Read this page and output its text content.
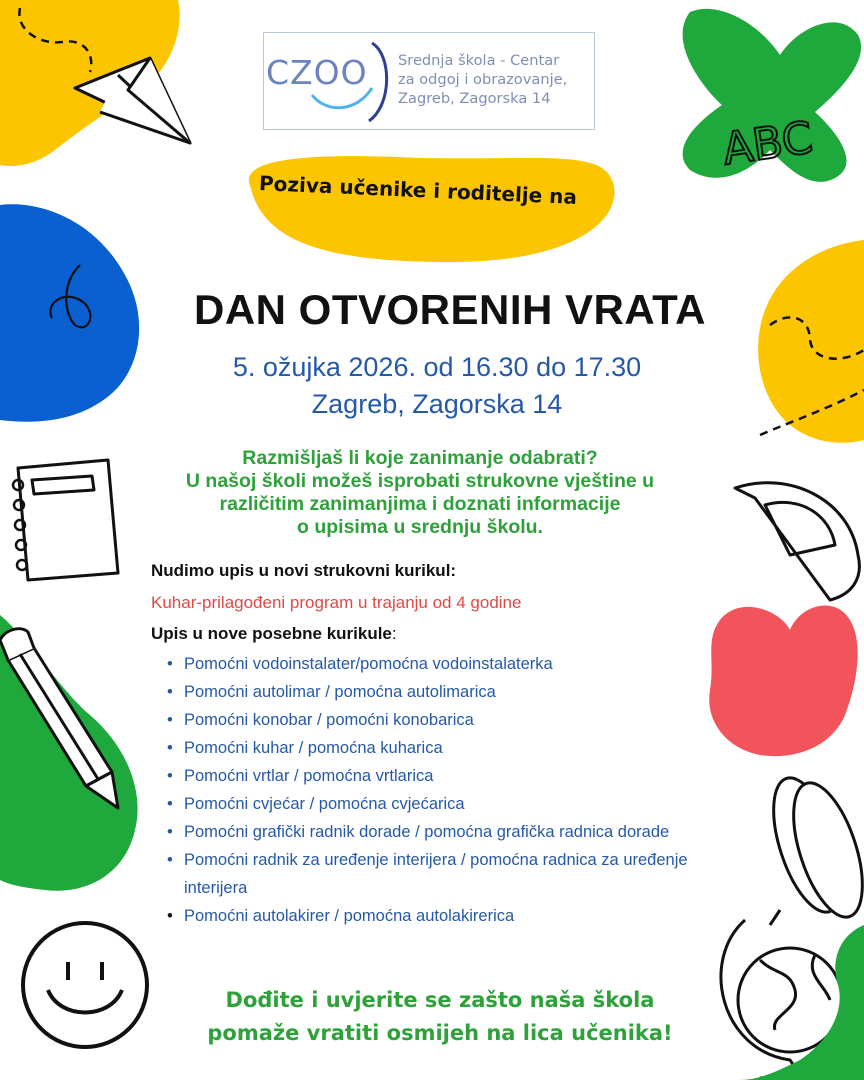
ABC
CZOO Srednja škola - Centar
za odgoj i obrazovanje,
Zagreb, Zagorska 14
Poziva učenike i roditelje na
DAN OTVORENIH VRATA
5. ožujka 2026. od 16.30 do 17.30
Zagreb, Zagorska 14
Razmišljaš li koje zanimanje odabrati?
U našoj školi možeš isprobati strukovne vještine u
različitim zanimanjima i doznati informacije
o upisima u srednju školu.
Nudimo upis u novi strukovni kurikul:
Kuhar-prilagođeni program u trajanju od 4 godine
Upis u nove posebne kurikule:
• Pomoćni vodoinstalater/pomoćna vodoinstalaterka
• Pomoćni autolimar / pomoćna autolimarica
• Pomoćni konobar / pomoćni konobarica
• Pomoćni kuhar / pomoćna kuharica
• Pomoćni vrtlar / pomoćna vrtlarica
• Pomoćni cvjećar / pomoćna cvjećarica
• Pomoćni grafički radnik dorade / pomoćna grafička radnica dorade
• Pomoćni radnik za uređenje interijera / pomoćna radnica za uređenje interijera
• Pomoćni autolakirer / pomoćna autolakirerica
Dođite i uvjerite se zašto naša škola
pomaže vratiti osmijeh na lica učenika!
